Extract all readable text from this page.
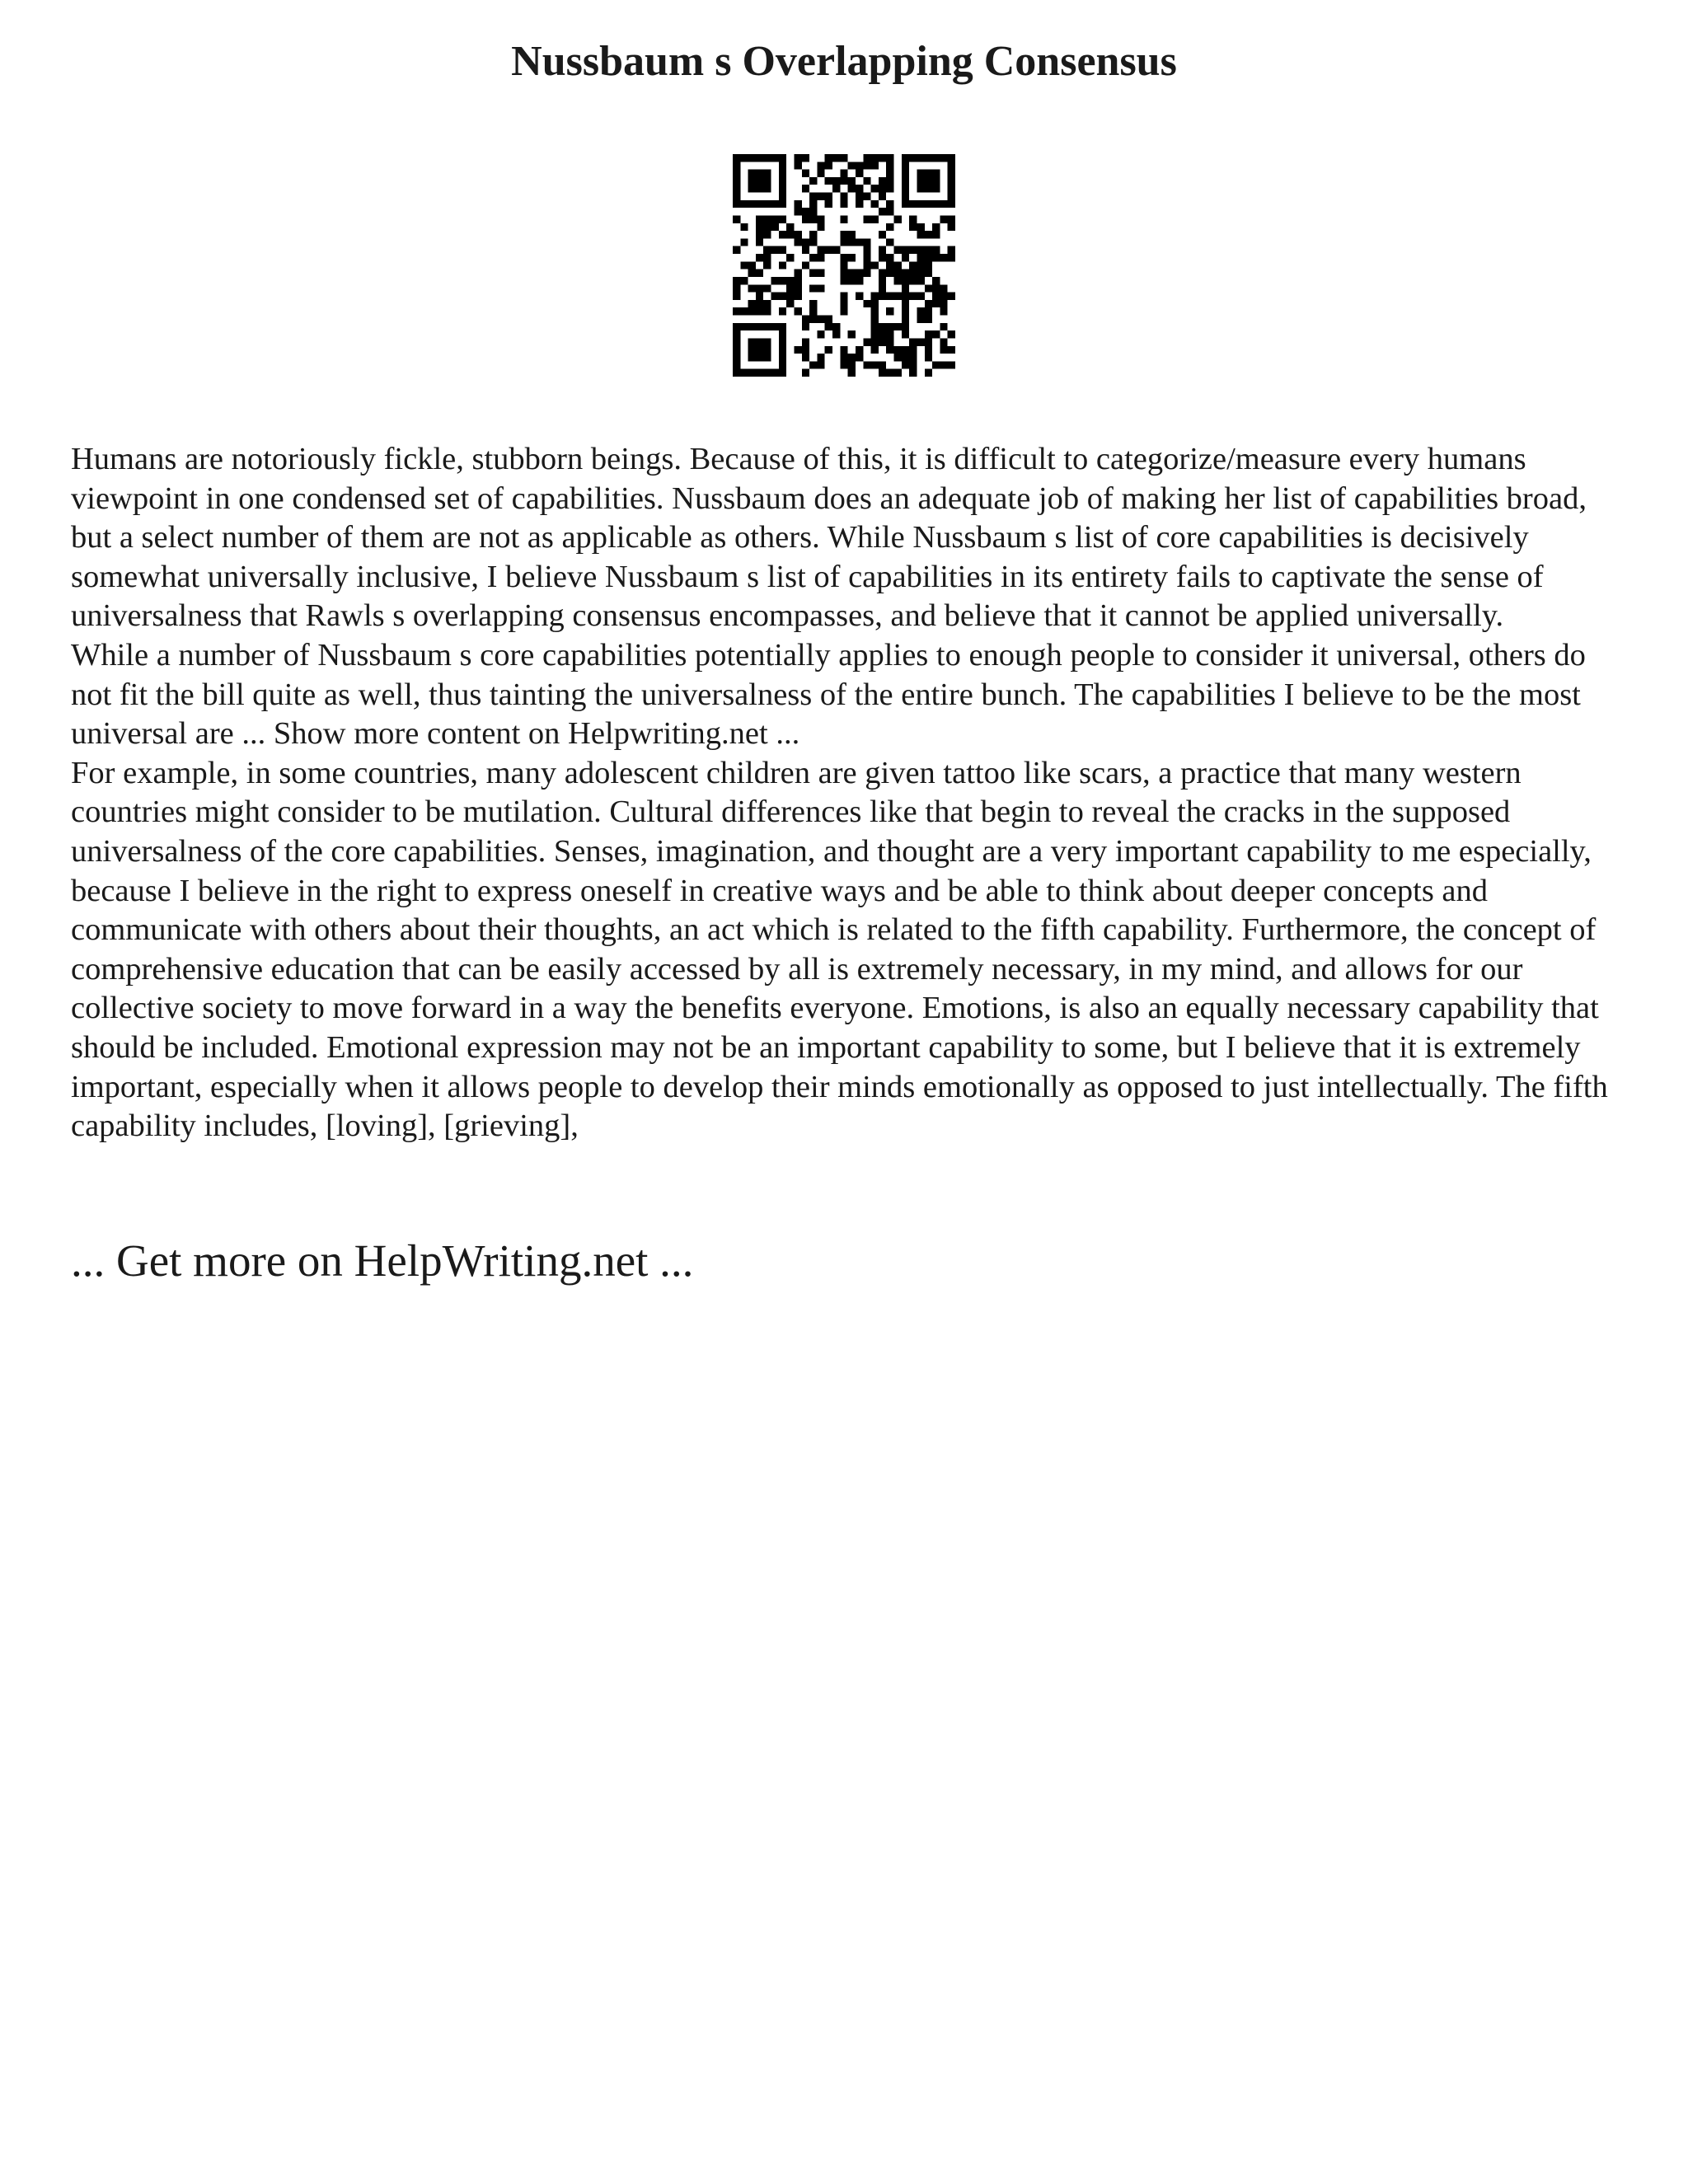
Nussbaum s Overlapping Consensus

Humans are notoriously fickle, stubborn beings. Because of this, it is difficult to categorize/measure every humans viewpoint in one condensed set of capabilities. Nussbaum does an adequate job of making her list of capabilities broad, but a select number of them are not as applicable as others. While Nussbaum s list of core capabilities is decisively somewhat universally inclusive, I believe Nussbaum s list of capabilities in its entirety fails to captivate the sense of universalness that Rawls s overlapping consensus encompasses, and believe that it cannot be applied universally.

While a number of Nussbaum s core capabilities potentially applies to enough people to consider it universal, others do not fit the bill quite as well, thus tainting the universalness of the entire bunch. The capabilities I believe to be the most universal are ... Show more content on Helpwriting.net ...

For example, in some countries, many adolescent children are given tattoo like scars, a practice that many western countries might consider to be mutilation. Cultural differences like that begin to reveal the cracks in the supposed universalness of the core capabilities. Senses, imagination, and thought are a very important capability to me especially, because I believe in the right to express oneself in creative ways and be able to think about deeper concepts and communicate with others about their thoughts, an act which is related to the fifth capability. Furthermore, the concept of comprehensive education that can be easily accessed by all is extremely necessary, in my mind, and allows for our collective society to move forward in a way the benefits everyone. Emotions, is also an equally necessary capability that should be included. Emotional expression may not be an important capability to some, but I believe that it is extremely important, especially when it allows people to develop their minds emotionally as opposed to just intellectually. The fifth capability includes, [loving], [grieving],

... Get more on HelpWriting.net ...
